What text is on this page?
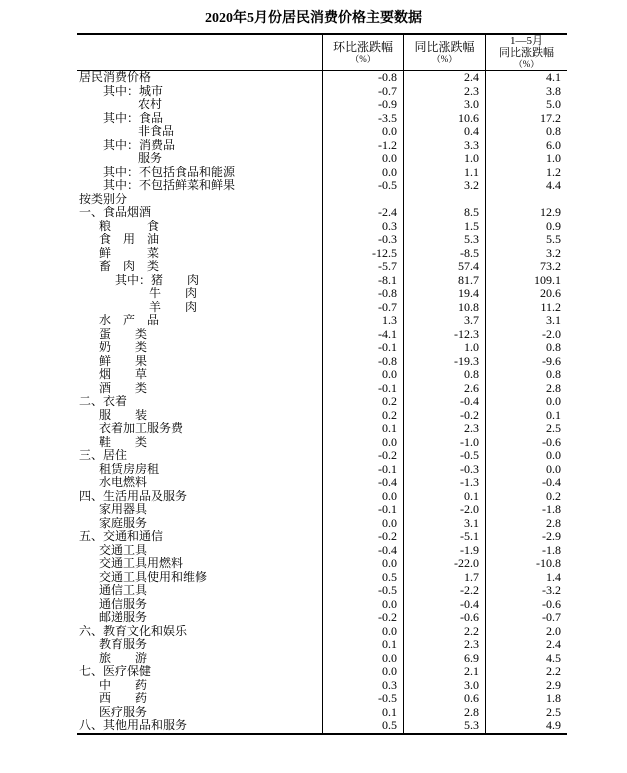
2020年5月份居民消费价格主要数据
环比涨跌幅
（%）
同比涨跌幅
（%）
1—5月
同比涨跌幅
（%）
居民消费价格	-0.8	2.4	4.1
其中：城市	-0.7	2.3	3.8
农村	-0.9	3.0	5.0
其中：食品	-3.5	10.6	17.2
非食品	0.0	0.4	0.8
其中：消费品	-1.2	3.3	6.0
服务	0.0	1.0	1.0
其中：不包括食品和能源	0.0	1.1	1.2
其中：不包括鲜菜和鲜果	-0.5	3.2	4.4
按类别分
一、食品烟酒	-2.4	8.5	12.9
粮　　　食	0.3	1.5	0.9
食　用　油	-0.3	5.3	5.5
鲜　　　菜	-12.5	-8.5	3.2
畜　肉　类	-5.7	57.4	73.2
其中：猪　　肉	-8.1	81.7	109.1
牛　　肉	-0.8	19.4	20.6
羊　　肉	-0.7	10.8	11.2
水　产　品	1.3	3.7	3.1
蛋　　类	-4.1	-12.3	-2.0
奶　　类	-0.1	1.0	0.8
鲜　　果	-0.8	-19.3	-9.6
烟　　草	0.0	0.8	0.8
酒　　类	-0.1	2.6	2.8
二、衣着	0.2	-0.4	0.0
服　　装	0.2	-0.2	0.1
衣着加工服务费	0.1	2.3	2.5
鞋　　类	0.0	-1.0	-0.6
三、居住	-0.2	-0.5	0.0
租赁房房租	-0.1	-0.3	0.0
水电燃料	-0.4	-1.3	-0.4
四、生活用品及服务	0.0	0.1	0.2
家用器具	-0.1	-2.0	-1.8
家庭服务	0.0	3.1	2.8
五、交通和通信	-0.2	-5.1	-2.9
交通工具	-0.4	-1.9	-1.8
交通工具用燃料	0.0	-22.0	-10.8
交通工具使用和维修	0.5	1.7	1.4
通信工具	-0.5	-2.2	-3.2
通信服务	0.0	-0.4	-0.6
邮递服务	-0.2	-0.6	-0.7
六、教育文化和娱乐	0.0	2.2	2.0
教育服务	0.1	2.3	2.4
旅　　游	0.0	6.9	4.5
七、医疗保健	0.0	2.1	2.2
中　　药	0.3	3.0	2.9
西　　药	-0.5	0.6	1.8
医疗服务	0.1	2.8	2.5
八、其他用品和服务	0.5	5.3	4.9
